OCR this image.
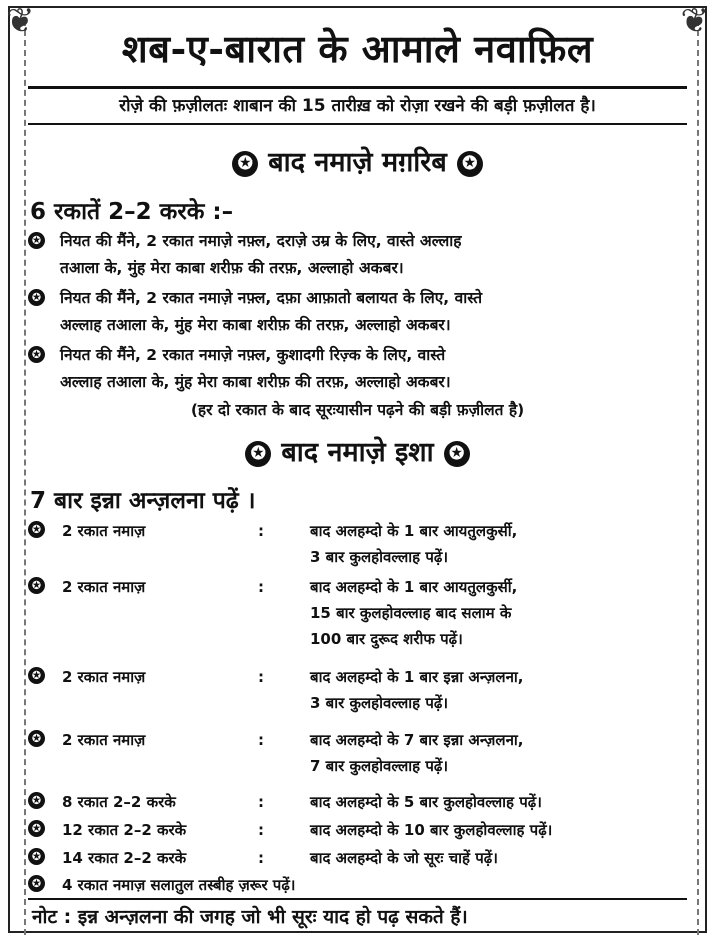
❦	❦
शब-ए-बारात के आमाले नवाफ़िल
रोज़े की फ़ज़ीलतः शाबान की 15 तारीख़ को रोज़ा रखने की बड़ी फ़ज़ीलत है।
✪ बाद नमाज़े मग़रिब ✪
6 रकातें 2–2 करके :–
✪ नियत की मैंने, 2 रकात नमाज़े नफ़्ल, दराज़े उम्र के लिए, वास्ते अल्लाह
तआला के, मुंह मेरा काबा शरीफ़ की तरफ़, अल्लाहो अकबर।
✪ नियत की मैंने, 2 रकात नमाज़े नफ़्ल, दफ़ा आफ़ातो बलायत के लिए, वास्ते
अल्लाह तआला के, मुंह मेरा काबा शरीफ़ की तरफ़, अल्लाहो अकबर।
✪ नियत की मैंने, 2 रकात नमाज़े नफ़्ल, कुशादगी रिज़्क के लिए, वास्ते
अल्लाह तआला के, मुंह मेरा काबा शरीफ़ की तरफ़, अल्लाहो अकबर।
(हर दो रकात के बाद सूरःयासीन पढ़ने की बड़ी फ़ज़ीलत है)
✪ बाद नमाज़े इशा ✪
7 बार इन्ना अन्ज़लना पढ़ें ।
✪ 2 रकात नमाज़	:	बाद अलहम्दो के 1 बार आयतुलकुर्सी,
3 बार कुलहोवल्लाह पढ़ें।
✪ 2 रकात नमाज़	:	बाद अलहम्दो के 1 बार आयतुलकुर्सी,
15 बार कुलहोवल्लाह बाद सलाम के
100 बार दुरूद शरीफ पढ़ें।
✪ 2 रकात नमाज़	:	बाद अलहम्दो के 1 बार इन्ना अन्ज़लना,
3 बार कुलहोवल्लाह पढ़ें।
✪ 2 रकात नमाज़	:	बाद अलहम्दो के 7 बार इन्ना अन्ज़लना,
7 बार कुलहोवल्लाह पढ़ें।
✪ 8 रकात 2–2 करके	:	बाद अलहम्दो के 5 बार कुलहोवल्लाह पढ़ें।
✪ 12 रकात 2–2 करके	:	बाद अलहम्दो के 10 बार कुलहोवल्लाह पढ़ें।
✪ 14 रकात 2–2 करके	:	बाद अलहम्दो के जो सूरः चाहें पढ़ें।
✪ 4 रकात नमाज़ सलातुल तस्बीह ज़रूर पढ़ें।
नोट : इन्न अन्ज़लना की जगह जो भी सूरः याद हो पढ़ सकते हैं।
